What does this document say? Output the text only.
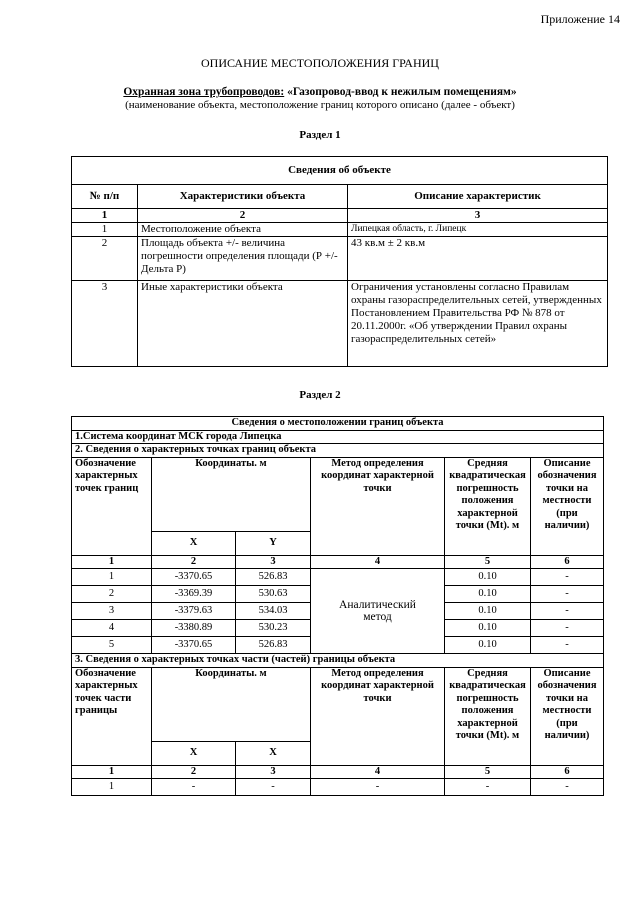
Приложение 14
ОПИСАНИЕ МЕСТОПОЛОЖЕНИЯ ГРАНИЦ
Охранная зона трубопроводов: «Газопровод-ввод к нежилым помещениям»
(наименование объекта, местоположение границ которого описано (далее - объект)
Раздел 1
Сведения об объекте		
№ п/п	Характеристики объекта	Описание характеристик
1	2	3
1	Местоположение объекта	Липецкая область, г. Липецк
2	Площадь объекта +/- величина погрешности определения площади (Р +/- Дельта Р)	43 кв.м ± 2 кв.м
3	Иные характеристики объекта	Ограничения установлены согласно Правилам охраны газораспределительных сетей, утвержденных Постановлением Правительства РФ № 878 от 20.11.2000г. «Об утверждении Правил охраны газораспределительных сетей»
Раздел 2
Сведения о местоположении границ объекта					
1.Система координат МСК города Липецка					
2. Сведения о характерных точках границ объекта					
Обозначение характерных точек границ	Координаты. м		Метод определения координат характерной точки	Средняя квадратическая погрешность положения характерной точки (Mt). м	Описание обозначения точки на местности (при наличии)
	X	Y			
1	2	3	4	5	6
1	-3370.65	526.83	Аналитический метод	0.10	-
2	-3369.39	530.63		0.10	-
3	-3379.63	534.03		0.10	-
4	-3380.89	530.23		0.10	-
5	-3370.65	526.83		0.10	-
3. Сведения о характерных точках части (частей) границы объекта					
Обозначение характерных точек части границы	Координаты. м		Метод определения координат характерной точки	Средняя квадратическая погрешность положения характерной точки (Mt). м	Описание обозначения точки на местности (при наличии)
	X	X			
1	2	3	4	5	6
1	-	-	-	-	-
